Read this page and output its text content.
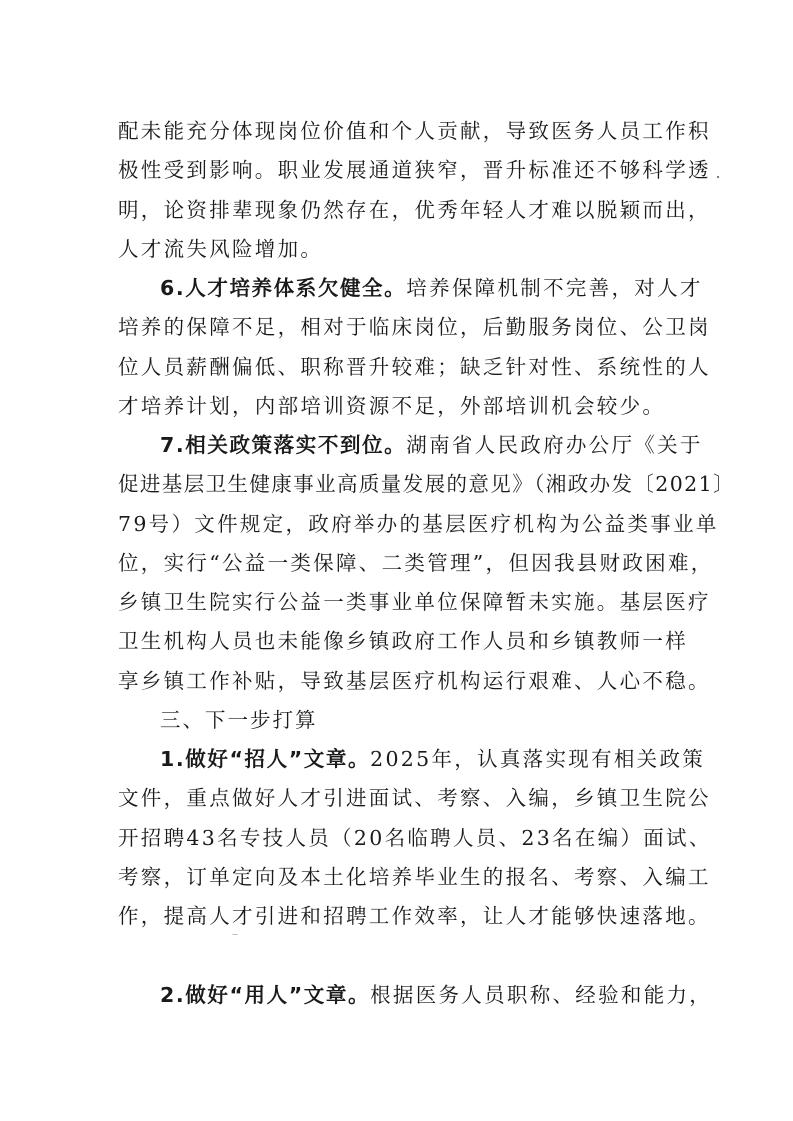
配未能充分体现岗位价值和个人贡献，导致医务人员工作积
极性受到影响。职业发展通道狭窄，晋升标准还不够科学透
明，论资排辈现象仍然存在，优秀年轻人才难以脱颖而出，
人才流失风险增加。
6.人才培养体系欠健全。培养保障机制不完善，对人才
培养的保障不足，相对于临床岗位，后勤服务岗位、公卫岗
位人员薪酬偏低、职称晋升较难；缺乏针对性、系统性的人
才培养计划，内部培训资源不足，外部培训机会较少。
7.相关政策落实不到位。湖南省人民政府办公厅《关于
促进基层卫生健康事业高质量发展的意见》（湘政办发〔2021〕
79号）文件规定，政府举办的基层医疗机构为公益类事业单
位，实行“公益一类保障、二类管理”，但因我县财政困难，
乡镇卫生院实行公益一类事业单位保障暂未实施。基层医疗
卫生机构人员也未能像乡镇政府工作人员和乡镇教师一样
享乡镇工作补贴，导致基层医疗机构运行艰难、人心不稳。
三、下一步打算
1.做好“招人”文章。2025年，认真落实现有相关政策
文件，重点做好人才引进面试、考察、入编，乡镇卫生院公
开招聘43名专技人员（20名临聘人员、23名在编）面试、
考察，订单定向及本土化培养毕业生的报名、考察、入编工
作，提高人才引进和招聘工作效率，让人才能够快速落地。
2.做好“用人”文章。根据医务人员职称、经验和能力，
